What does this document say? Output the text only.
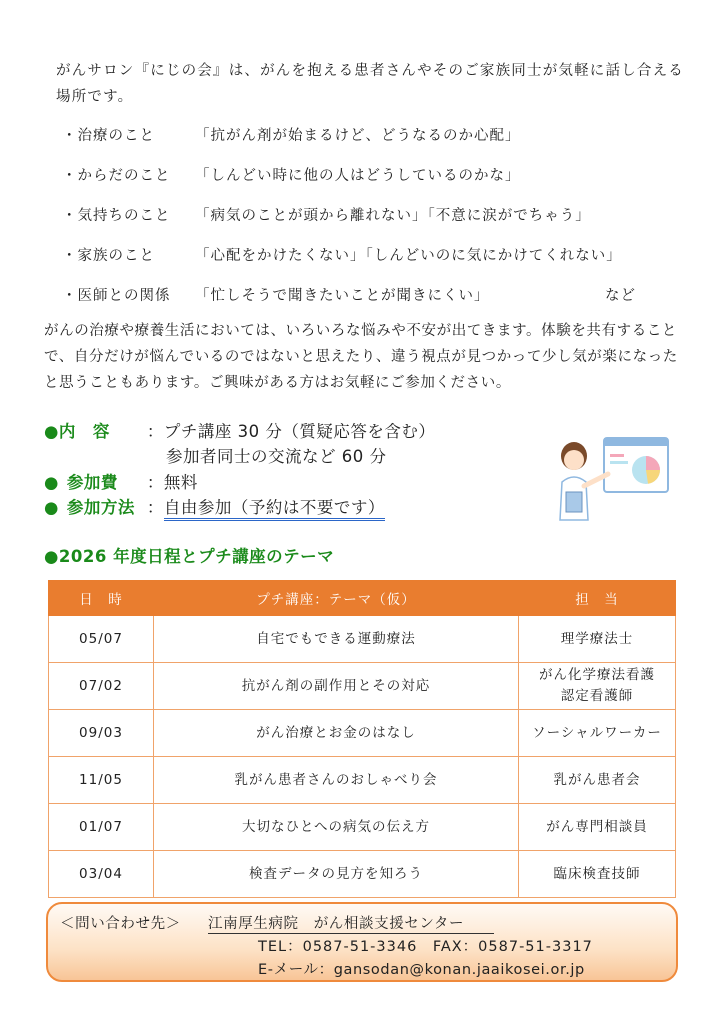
がんサロン『にじの会』は、がんを抱える患者さんやそのご家族同士が気軽に話し合える場所です。
・治療のこと	「抗がん剤が始まるけど、どうなるのか心配」
・からだのこと 「しんどい時に他の人はどうしているのかな」
・気持ちのこと 「病気のことが頭から離れない」「不意に涙がでちゃう」
・家族のこと	「心配をかけたくない」「しんどいのに気にかけてくれない」
・医師との関係 「忙しそうで聞きたいことが聞きにくい」	など
がんの治療や療養生活においては、いろいろな悩みや不安が出てきます。体験を共有することで、自分だけが悩んでいるのではないと思えたり、違う視点が見つかって少し気が楽になったと思うこともあります。ご興味がある方はお気軽にご参加ください。
●内　容 ：プチ講座 30 分（質疑応答を含む）
参加者同士の交流など 60 分
● 参加費 ：無料
● 参加方法 ：自由参加（予約は不要です）
●2026 年度日程とプチ講座のテーマ
日　時	プチ講座：テーマ（仮）	担　当
05/07	自宅でもできる運動療法	理学療法士
07/02	抗がん剤の副作用とその対応	がん化学療法看護
認定看護師
09/03	がん治療とお金のはなし	ソーシャルワーカー
11/05	乳がん患者さんのおしゃべり会	乳がん患者会
01/07	大切なひとへの病気の伝え方	がん専門相談員
03/04	検査データの見方を知ろう	臨床検査技師
＜問い合わせ先＞ 江南厚生病院　がん相談支援センター
TEL：0587-51-3346　FAX：0587-51-3317
E-メール：gansodan@konan.jaaikosei.or.jp
